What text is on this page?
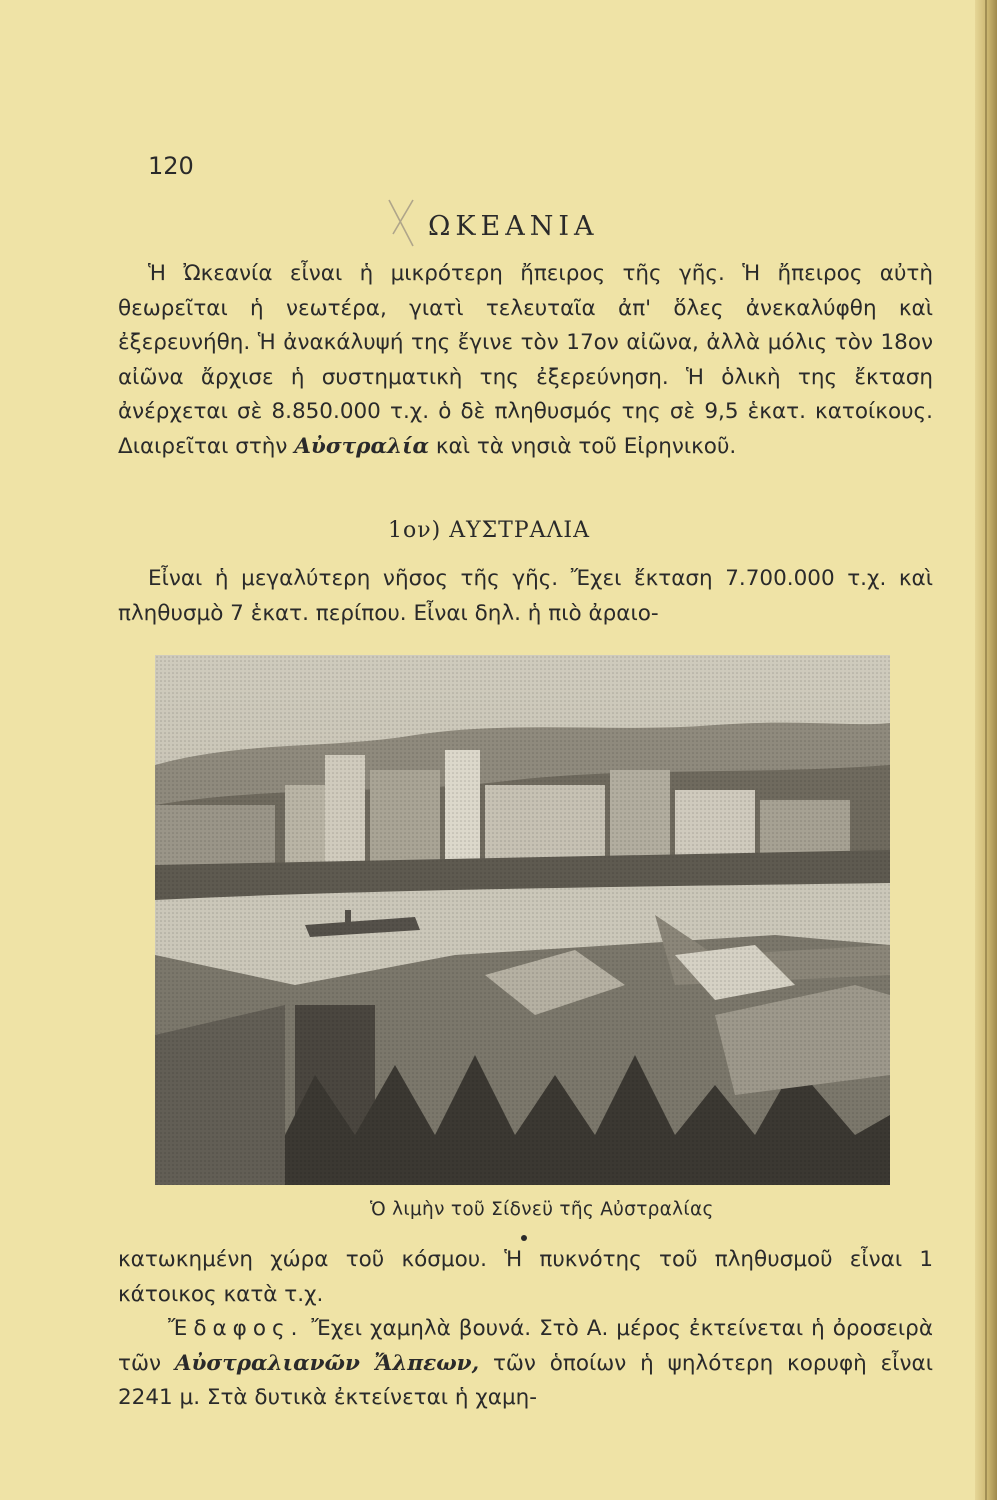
120
ΩΚΕΑΝΙΑ

Ἡ Ὠκεανία εἶναι ἡ μικρότερη ἤπειρος τῆς γῆς. Ἡ ἤπειρος αὐτὴ θεωρεῖται ἡ νεωτέρα, γιατὶ τελευταῖα ἀπ' ὅλες ἀνεκαλύφθη καὶ ἐξερευνήθη. Ἡ ἀνακάλυψή της ἔγινε τὸν 17ον αἰῶνα, ἀλλὰ μόλις τὸν 18ον αἰῶνα ἄρχισε ἡ συστηματικὴ της ἐξερεύνηση. Ἡ ὁλικὴ της ἔκταση ἀνέρχεται σὲ 8.850.000 τ.χ. ὁ δὲ πληθυσμός της σὲ 9,5 ἑκατ. κατοίκους. Διαιρεῖται στὴν Αὐστραλία καὶ τὰ νησιὰ τοῦ Εἰρηνικοῦ.

1ον) ΑΥΣΤΡΑΛΙΑ

Εἶναι ἡ μεγαλύτερη νῆσος τῆς γῆς. Ἔχει ἔκταση 7.700.000 τ.χ. καὶ πληθυσμὸ 7 ἑκατ. περίπου. Εἶναι δηλ. ἡ πιὸ ἀραιο-

Ὁ λιμὴν τοῦ Σίδνεϋ τῆς Αὐστραλίας

κατωκημένη χώρα τοῦ κόσμου. Ἡ πυκνότης τοῦ πληθυσμοῦ εἶναι 1 κάτοικος κατὰ τ.χ.
Ἔδαφος. Ἔχει χαμηλὰ βουνά. Στὸ Α. μέρος ἐκτείνεται ἡ ὀροσειρὰ τῶν Αὐστραλιανῶν Ἄλπεων, τῶν ὁποίων ἡ ψηλότερη κορυφὴ εἶναι 2241 μ. Στὰ δυτικὰ ἐκτείνεται ἡ χαμη-
